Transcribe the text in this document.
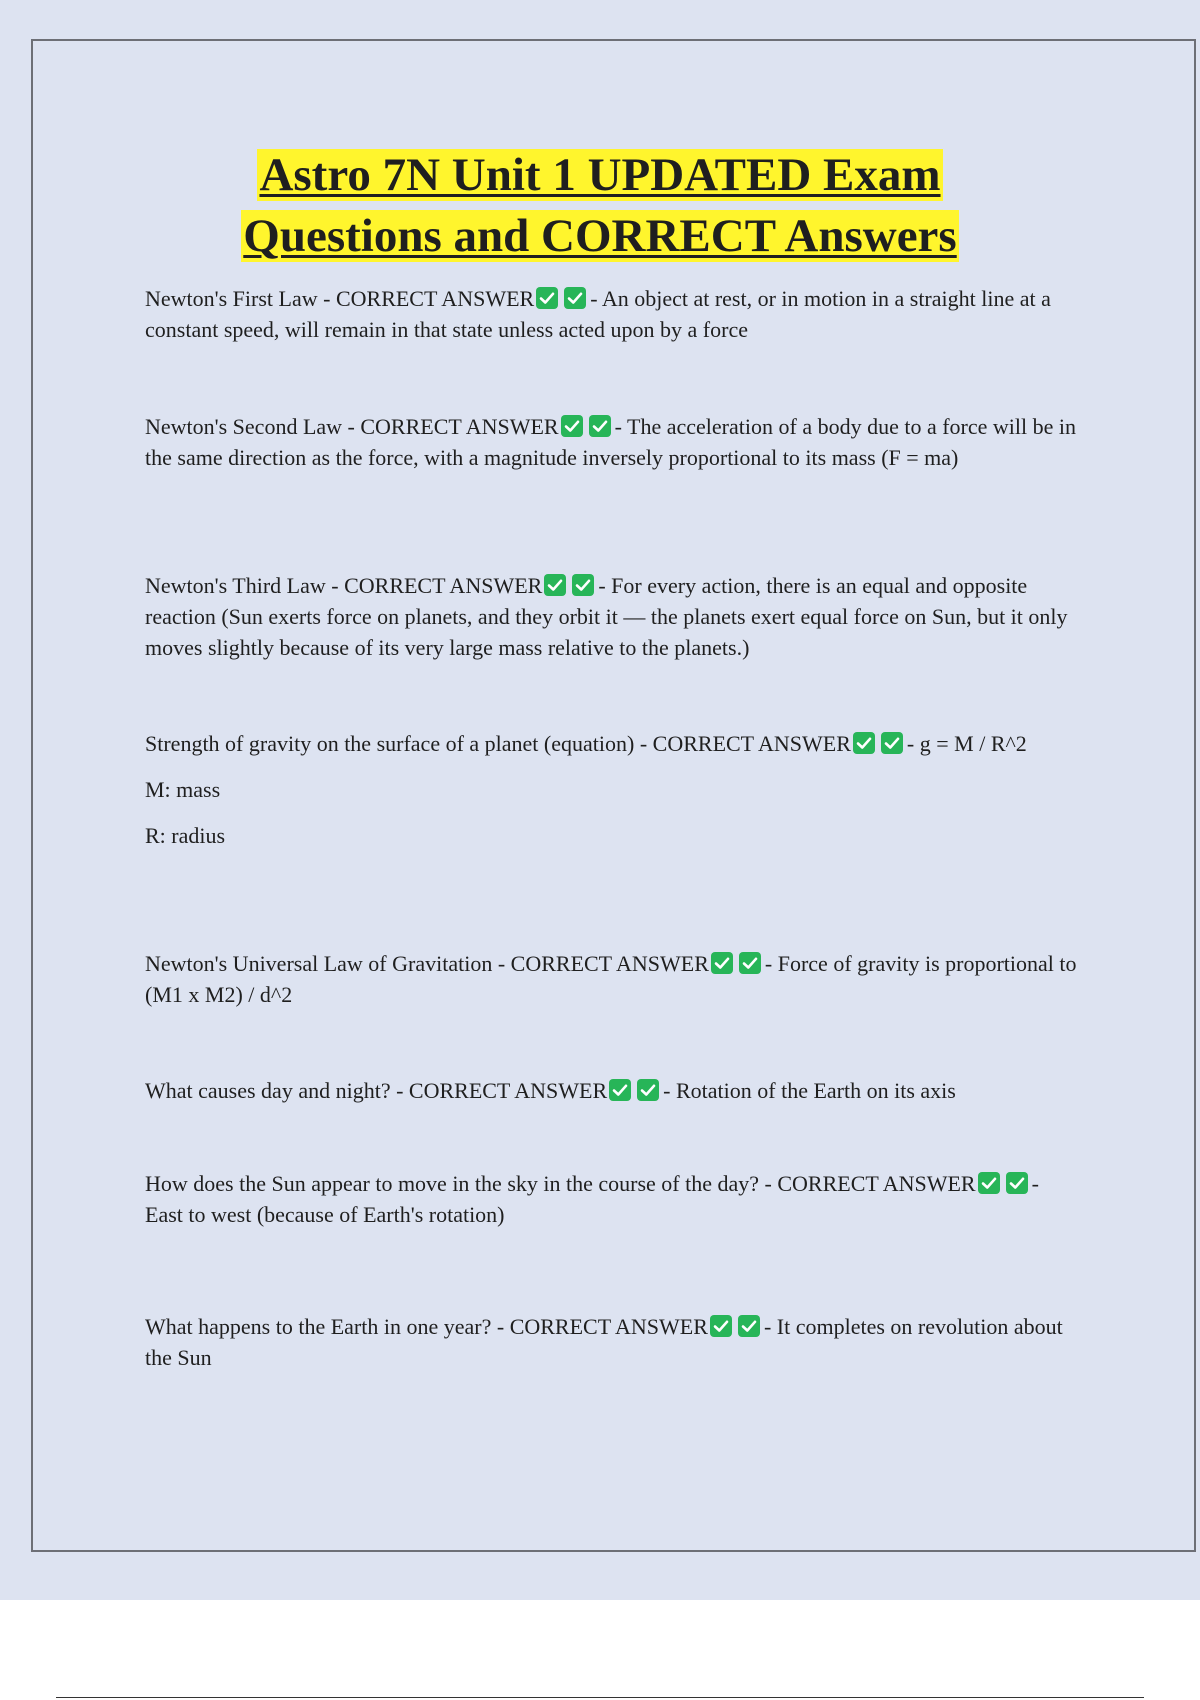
Astro 7N Unit 1 UPDATED Exam
Questions and CORRECT Answers

Newton's First Law - CORRECT ANSWER	- An object at rest, or in motion in a straight line at a constant speed, will remain in that state unless acted upon by a force

Newton's Second Law - CORRECT ANSWER	- The acceleration of a body due to a force will be in the same direction as the force, with a magnitude inversely proportional to its mass (F = ma)

Newton's Third Law - CORRECT ANSWER	- For every action, there is an equal and opposite reaction (Sun exerts force on planets, and they orbit it — the planets exert equal force on Sun, but it only moves slightly because of its very large mass relative to the planets.)

Strength of gravity on the surface of a planet (equation) - CORRECT ANSWER	- g = M / R^2

M: mass

R: radius

Newton's Universal Law of Gravitation - CORRECT ANSWER	- Force of gravity is proportional to (M1 x M2) / d^2

What causes day and night? - CORRECT ANSWER	- Rotation of the Earth on its axis

How does the Sun appear to move in the sky in the course of the day? - CORRECT ANSWER	- East to west (because of Earth's rotation)

What happens to the Earth in one year? - CORRECT ANSWER	- It completes on revolution about the Sun
